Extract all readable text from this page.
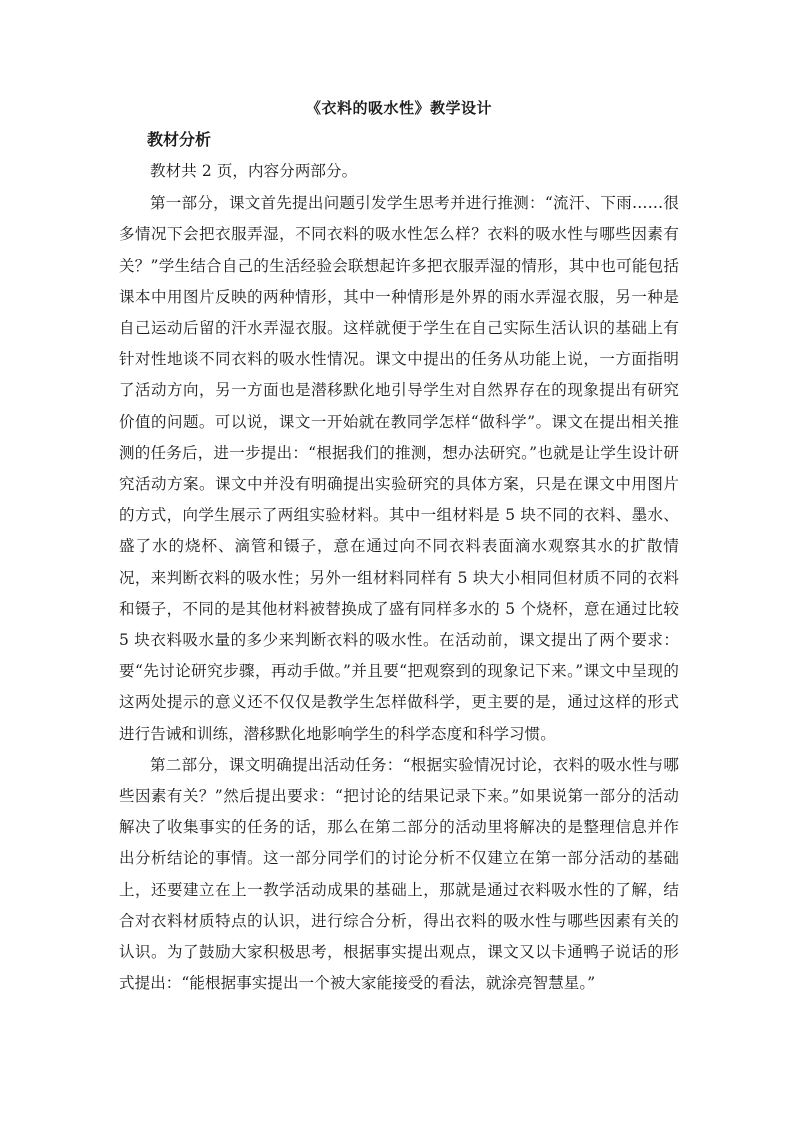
《衣料的吸水性》教学设计
教材分析

教材共 2 页，内容分两部分。

第一部分，课文首先提出问题引发学生思考并进行推测：“流汗、下雨……很多情况下会把衣服弄湿，不同衣料的吸水性怎么样？衣料的吸水性与哪些因素有关？”学生结合自己的生活经验会联想起许多把衣服弄湿的情形，其中也可能包括课本中用图片反映的两种情形，其中一种情形是外界的雨水弄湿衣服，另一种是自己运动后留的汗水弄湿衣服。这样就便于学生在自己实际生活认识的基础上有针对性地谈不同衣料的吸水性情况。课文中提出的任务从功能上说，一方面指明了活动方向，另一方面也是潜移默化地引导学生对自然界存在的现象提出有研究价值的问题。可以说，课文一开始就在教同学怎样“做科学”。课文在提出相关推测的任务后，进一步提出：“根据我们的推测，想办法研究。”也就是让学生设计研究活动方案。课文中并没有明确提出实验研究的具体方案，只是在课文中用图片的方式，向学生展示了两组实验材料。其中一组材料是 5 块不同的衣料、墨水、盛了水的烧杯、滴管和镊子，意在通过向不同衣料表面滴水观察其水的扩散情况，来判断衣料的吸水性；另外一组材料同样有 5 块大小相同但材质不同的衣料和镊子，不同的是其他材料被替换成了盛有同样多水的 5 个烧杯，意在通过比较 5 块衣料吸水量的多少来判断衣料的吸水性。在活动前，课文提出了两个要求：要“先讨论研究步骤，再动手做。”并且要“把观察到的现象记下来。”课文中呈现的这两处提示的意义还不仅仅是教学生怎样做科学，更主要的是，通过这样的形式进行告诫和训练，潜移默化地影响学生的科学态度和科学习惯。

第二部分，课文明确提出活动任务：“根据实验情况讨论，衣料的吸水性与哪些因素有关？”然后提出要求：“把讨论的结果记录下来。”如果说第一部分的活动解决了收集事实的任务的话，那么在第二部分的活动里将解决的是整理信息并作出分析结论的事情。这一部分同学们的讨论分析不仅建立在第一部分活动的基础上，还要建立在上一教学活动成果的基础上，那就是通过衣料吸水性的了解，结合对衣料材质特点的认识，进行综合分析，得出衣料的吸水性与哪些因素有关的认识。为了鼓励大家积极思考，根据事实提出观点，课文又以卡通鸭子说话的形式提出：“能根据事实提出一个被大家能接受的看法，就涂亮智慧星。”
